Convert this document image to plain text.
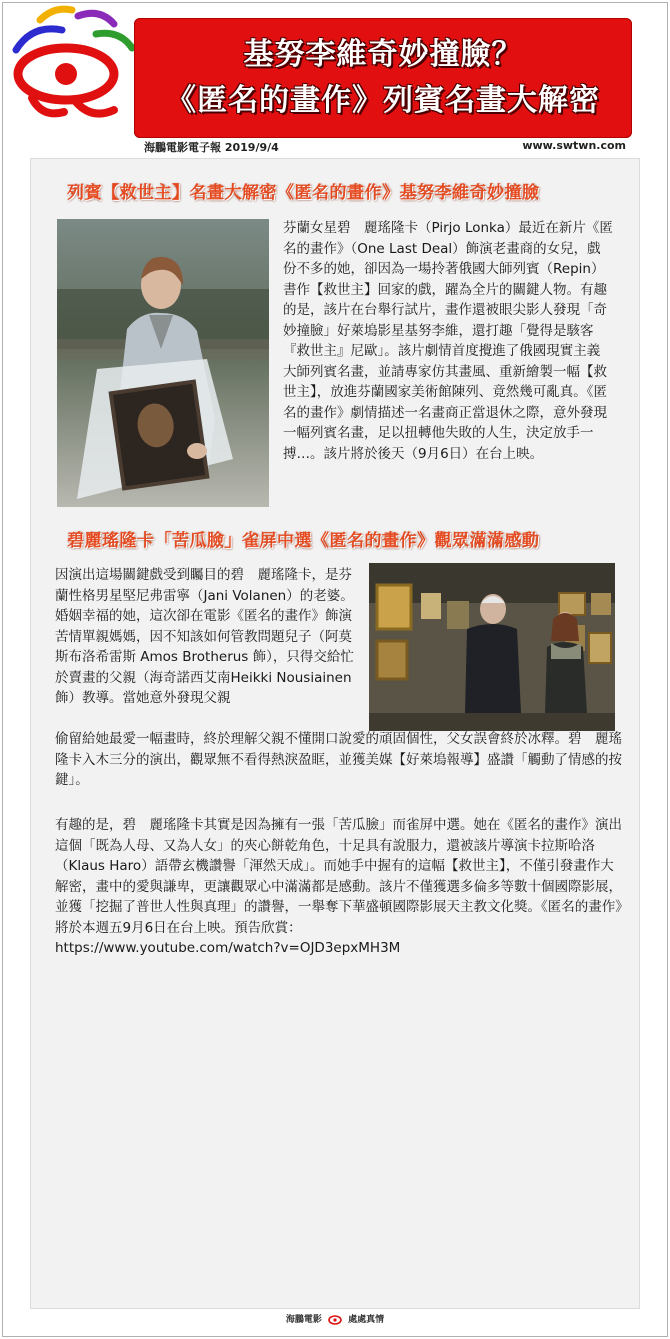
基努李維奇妙撞臉？
《匿名的畫作》列賓名畫大解密
海鵬電影電子報 2019/9/4	www.swtwn.com
列賓【救世主】名畫大解密《匿名的畫作》基努李維奇妙撞臉
芬蘭女星碧　麗瑤隆卡（Pirjo Lonka）最近在新片《匿名的畫作》（One Last Deal）飾演老畫商的女兒，戲份不多的她，卻因為一場拎著俄國大師列賓（Repin）書作【救世主】回家的戲，躍為全片的關鍵人物。有趣的是，該片在台舉行試片，畫作還被眼尖影人發現「奇妙撞臉」好萊塢影星基努李維，還打趣「覺得是駭客『救世主』尼歐」。該片劇情首度攪進了俄國現實主義大師列賓名畫，並請專家仿其畫風、重新繪製一幅【救世主】，放進芬蘭國家美術館陳列、竟然幾可亂真。《匿名的畫作》劇情描述一名畫商正當退休之際，意外發現一幅列賓名畫，足以扭轉他失敗的人生，決定放手一搏…。該片將於後天（9月6日）在台上映。
碧麗瑤隆卡「苦瓜臉」雀屏中選《匿名的畫作》觀眾滿滿感動
因演出這場關鍵戲受到矚目的碧　麗瑤隆卡，是芬蘭性格男星堅尼弗雷寧（Jani Volanen）的老婆。婚姻幸福的她，這次卻在電影《匿名的畫作》飾演苦情單親媽媽，因不知該如何管教問題兒子（阿莫斯布洛希雷斯 Amos Brotherus 飾），只得交給忙於賣畫的父親（海奇諾西艾南Heikki Nousiainen飾）教導。當她意外發現父親
偷留給她最愛一幅畫時，終於理解父親不懂開口說愛的頑固個性，父女誤會終於冰釋。碧　麗瑤隆卡入木三分的演出，觀眾無不看得熱淚盈眶，並獲美媒【好萊塢報導】盛讚「觸動了情感的按鍵」。
有趣的是，碧　麗瑤隆卡其實是因為擁有一張「苦瓜臉」而雀屏中選。她在《匿名的畫作》演出這個「既為人母、又為人女」的夾心餅乾角色，十足具有說服力，還被該片導演卡拉斯哈洛（Klaus Haro）語帶玄機讚譽「渾然天成」。而她手中握有的這幅【救世主】，不僅引發畫作大解密，畫中的愛與謙卑，更讓觀眾心中滿滿都是感動。該片不僅獲選多倫多等數十個國際影展，並獲「挖掘了普世人性與真理」的讚譽，一舉奪下華盛頓國際影展天主教文化獎。《匿名的畫作》將於本週五9月6日在台上映。預告欣賞：
https://www.youtube.com/watch?v=OJD3epxMH3M
海鵬電影	處處真情
